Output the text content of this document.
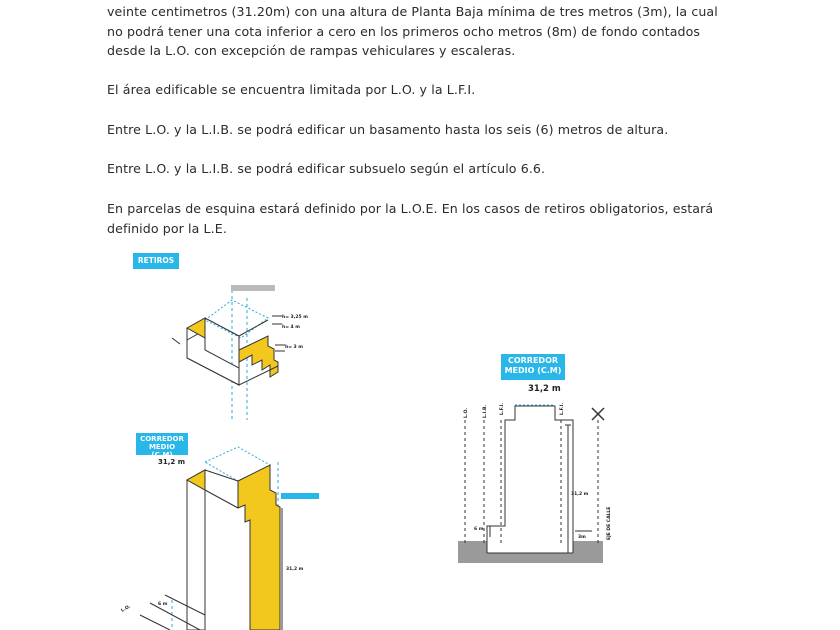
veinte centimetros (31.20m) con una altura de Planta Baja mínima de tres metros (3m), la cual no podrá tener una cota inferior a cero en los primeros ocho metros (8m) de fondo contados desde la L.O. con excepción de rampas vehiculares y escaleras.

El área edificable se encuentra limitada por L.O. y la L.F.I.

Entre L.O. y la L.I.B. se podrá edificar un basamento hasta los seis (6) metros de altura.

Entre L.O. y la L.I.B. se podrá edificar subsuelo según el artículo 6.6.

En parcelas de esquina estará definido por la L.O.E. En los casos de retiros obligatorios, estará definido por la L.E.

h= 3,25 m
h= 4 m
h= 3 m
31,2 m
6 m
L.O.
L.O.	L.I.B.	L.F.I.	L.F.I.
31,2 m
6 m
3m	EJE DE CALLE
RETIROS
CORREDOR MEDIO (C.M)
CORREDOR MEDIO (C.M)
31,2 m
31,2 m
